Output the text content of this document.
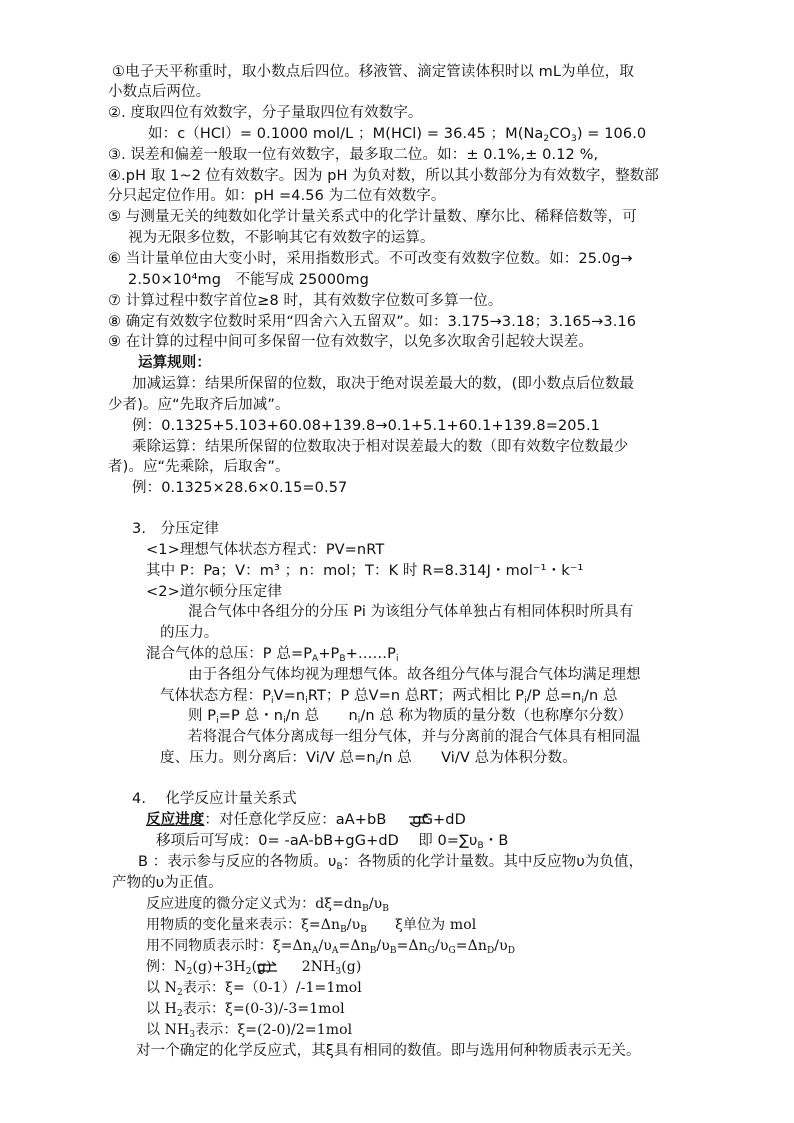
①电子天平称重时，取小数点后四位。移液管、滴定管读体积时以 mL为单位，取
小数点后两位。
②. 度取四位有效数字，分子量取四位有效数字。
如：c（HCl）= 0.1000 mol/L ；M(HCl) = 36.45 ；$M(Na_2CO_3) = 106.0$
③. 误差和偏差一般取一位有效数字，最多取二位。如：± 0.1%,± 0.12 %,
④.pH 取 1~2 位有效数字。因为 pH 为负对数，所以其小数部分为有效数字，整数部
分只起定位作用。如：pH =4.56 为二位有效数字。
⑤ 与测量无关的纯数如化学计量关系式中的化学计量数、摩尔比、稀释倍数等，可
视为无限多位数，不影响其它有效数字的运算。
⑥ 当计量单位由大变小时，采用指数形式。不可改变有效数字位数。如：25.0g→
2.50×10⁴mg　不能写成 25000mg
⑦ 计算过程中数字首位≥8 时，其有效数字位数可多算一位。
⑧ 确定有效数字位数时采用“四舍六入五留双”。如：3.175→3.18；3.165→3.16
⑨ 在计算的过程中间可多保留一位有效数字，以免多次取舍引起较大误差。
运算规则：
加减运算：结果所保留的位数，取决于绝对误差最大的数，(即小数点后位数最
少者)。应“先取齐后加减”。
例：0.1325+5.103+60.08+139.8→0.1+5.1+60.1+139.8=205.1
乘除运算：结果所保留的位数取决于相对误差最大的数（即有效数字位数最少
者)。应“先乘除，后取舍”。
例：0.1325×28.6×0.15=0.57
3.　分压定律
<1>理想气体状态方程式：PV=nRT
其中 P：Pa；V：m³ ；n：mol；T：K 时 R=8.314J・mol⁻¹・k⁻¹
<2>道尔顿分压定律
混合气体中各组分的分压 Pi 为该组分气体单独占有相同体积时所具有
的压力。
混合气体的总压：P 总$=P_A+P_B+\dots\dots P_i$
由于各组分气体均视为理想气体。故各组分气体与混合气体均满足理想
气体状态方程：$P_iV=n_iRT$；P 总V=n 总RT；两式相比 $P_i/P$ 总$=n_i/n$ 总
则 $P_i=P$ 总・$n_i/n$ 总　　$n_i/n$ 总 称为物质的量分数（也称摩尔分数）
若将混合气体分离成每一组分气体，并与分离前的混合气体具有相同温
度、压力。则分离后：Vi/V 总$=n_i/n$ 总　　Vi/V 总为体积分数。
4.　 化学反应计量关系式
反应进度：对任意化学反应：aA+bB gG+dD
移项后可写成：0= -aA-bB+gG+dD　 即 $0=\sum\upsilon_B$・B
B ：表示参与反应的各物质。$\upsilon_B$：各物质的化学计量数。其中反应物υ为负值，
产物的υ为正值。
反应进度的微分定义式为：$d\xi=dn_B/\upsilon_B$
用物质的变化量来表示：$\xi=\Delta n_B/\upsilon_B$　　ξ单位为 mol
用不同物质表示时：$\xi=\Delta n_A/\upsilon_A=\Delta n_B/\upsilon_B=\Delta n_G/\upsilon_G=\Delta n_D/\upsilon_D$
例：$N_2(g)+3H_2(g)$ $2NH_3(g)$
以 $N_2$表示：ξ=（0-1）/-1=1mol
以 $H_2$表示：ξ=(0-3)/-3=1mol
以 $NH_3$表示：ξ=(2-0)/2=1mol
对一个确定的化学反应式，其ξ具有相同的数值。即与选用何种物质表示无关。
